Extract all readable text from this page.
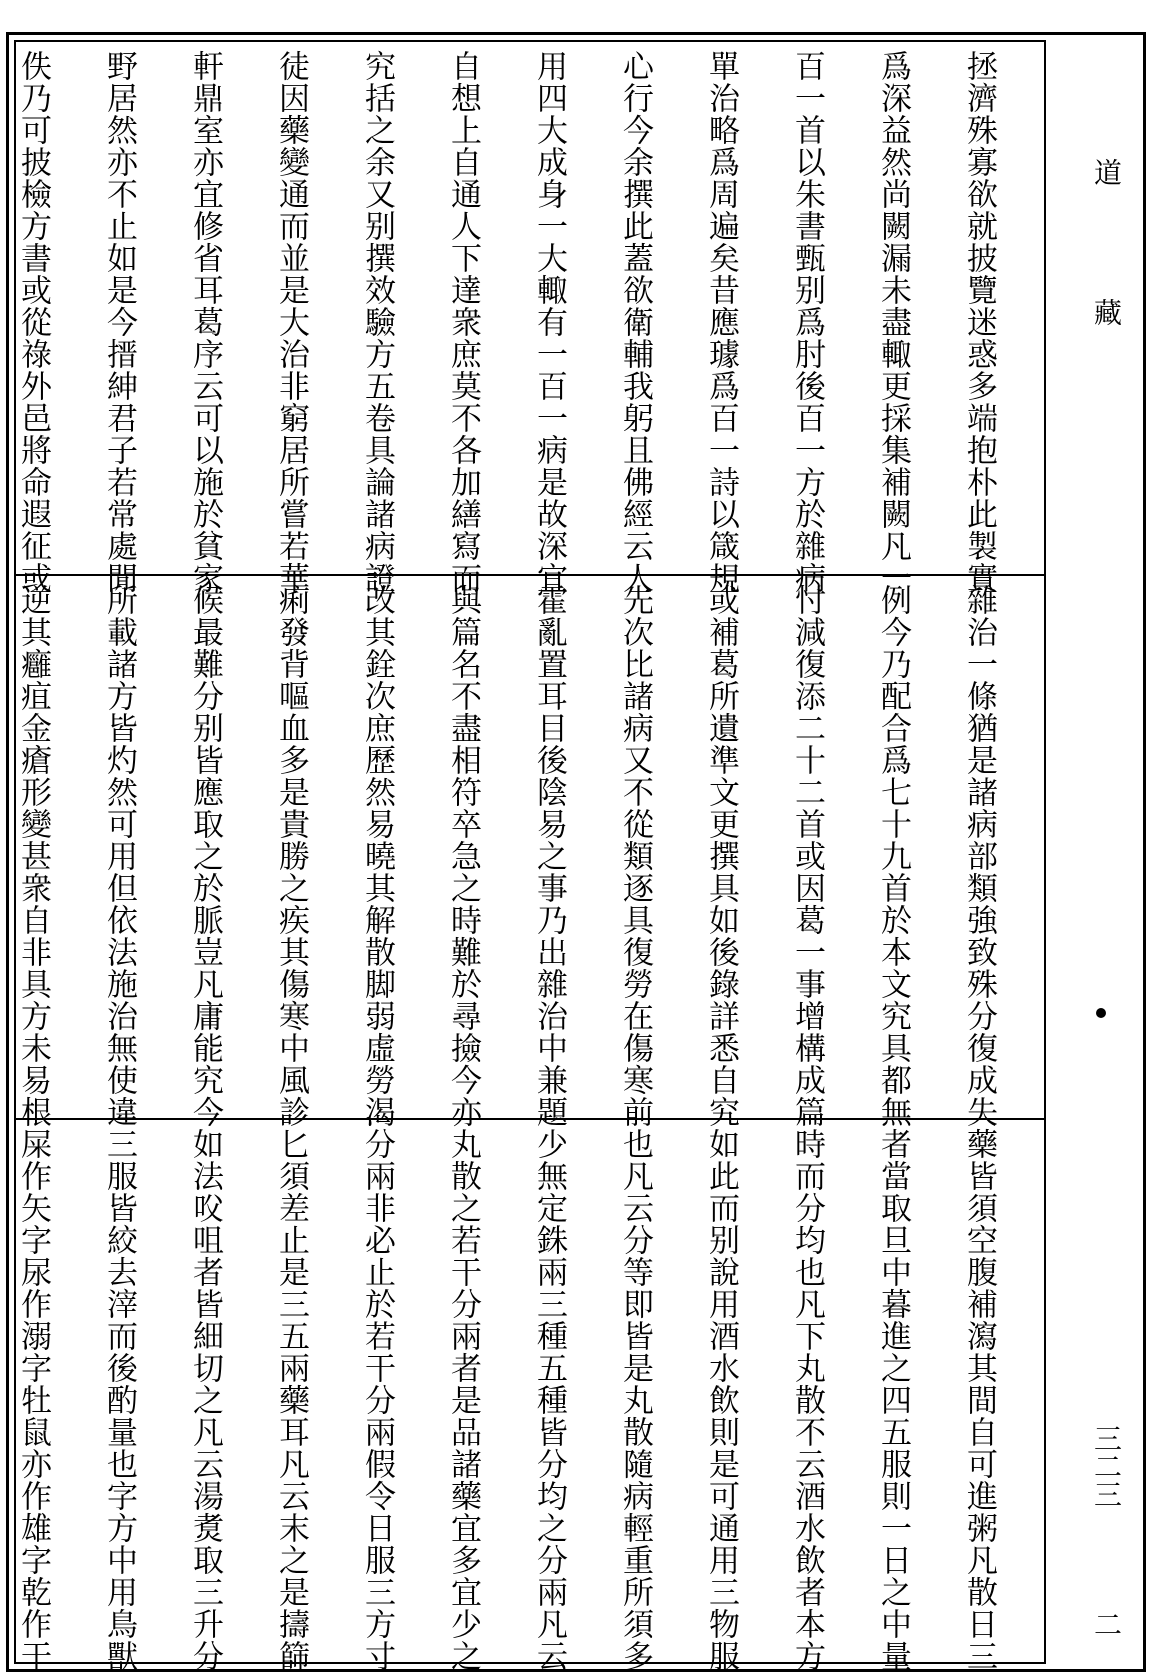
拯濟殊寡欲就披覽迷惑多端抱朴此製實
爲深益然尚闕漏未盡輙更採集補闕凡一
百一首以朱書甄别爲肘後百一方於雜病
單治略爲周遍矣昔應璩爲百一詩以箴規
心行今余撰此蓋欲衛輔我躬且佛經云人
用四大成身一大輙有一百一病是故深宜
自想上自通人下達衆庶莫不各加繕寫而
究括之余又别撰效驗方五卷具論諸病證
徒因藥變通而並是大治非窮居所嘗若華
軒鼎室亦宜修省耳葛序云可以施於貧家
野居然亦不止如是今搢紳君子若常處閒
佚乃可披檢方書或從祿外邑將命遐征或
雜治一條猶是諸病部類強致殊分復成失
例今乃配合爲七十九首於本文究具都無
忖減復添二十二首或因葛一事增構成篇
或補葛所遺準文更撰具如後錄詳悉自究
先次比諸病又不從類逐具復勞在傷寒前
霍亂置耳目後陰易之事乃出雜治中兼題
與篇名不盡相符卒急之時難於尋撿今亦
改其銓次庶歷然易曉其解散脚弱虛勞渴
痢發背嘔血多是貴勝之疾其傷寒中風診
候最難分别皆應取之於脈豈凡庸能究今
所載諸方皆灼然可用但依法施治無使違
逆其癰疽金瘡形變甚衆自非具方未易根
藥皆須空腹補瀉其間自可進粥凡散日三
者當取旦中暮進之四五服則一日之中量
時而分均也凡下丸散不云酒水飲者本方
如此而别說用酒水飲則是可通用三物服
也凡云分等即皆是丸散隨病輕重所須多
少無定銖兩三種五種皆分均之分兩凡云
丸散之若干分兩者是品諸藥宜多宜少之
分兩非必止於若干分兩假令日服三方寸
匕須差止是三五兩藥耳凡云末之是擣篩
如法㕮咀者皆細切之凡云湯煑取三升分
三服皆絞去滓而後酌量也字方中用鳥獸
屎作矢字尿作溺字牡鼠亦作雄字乾作干
道
藏
三二三
二
